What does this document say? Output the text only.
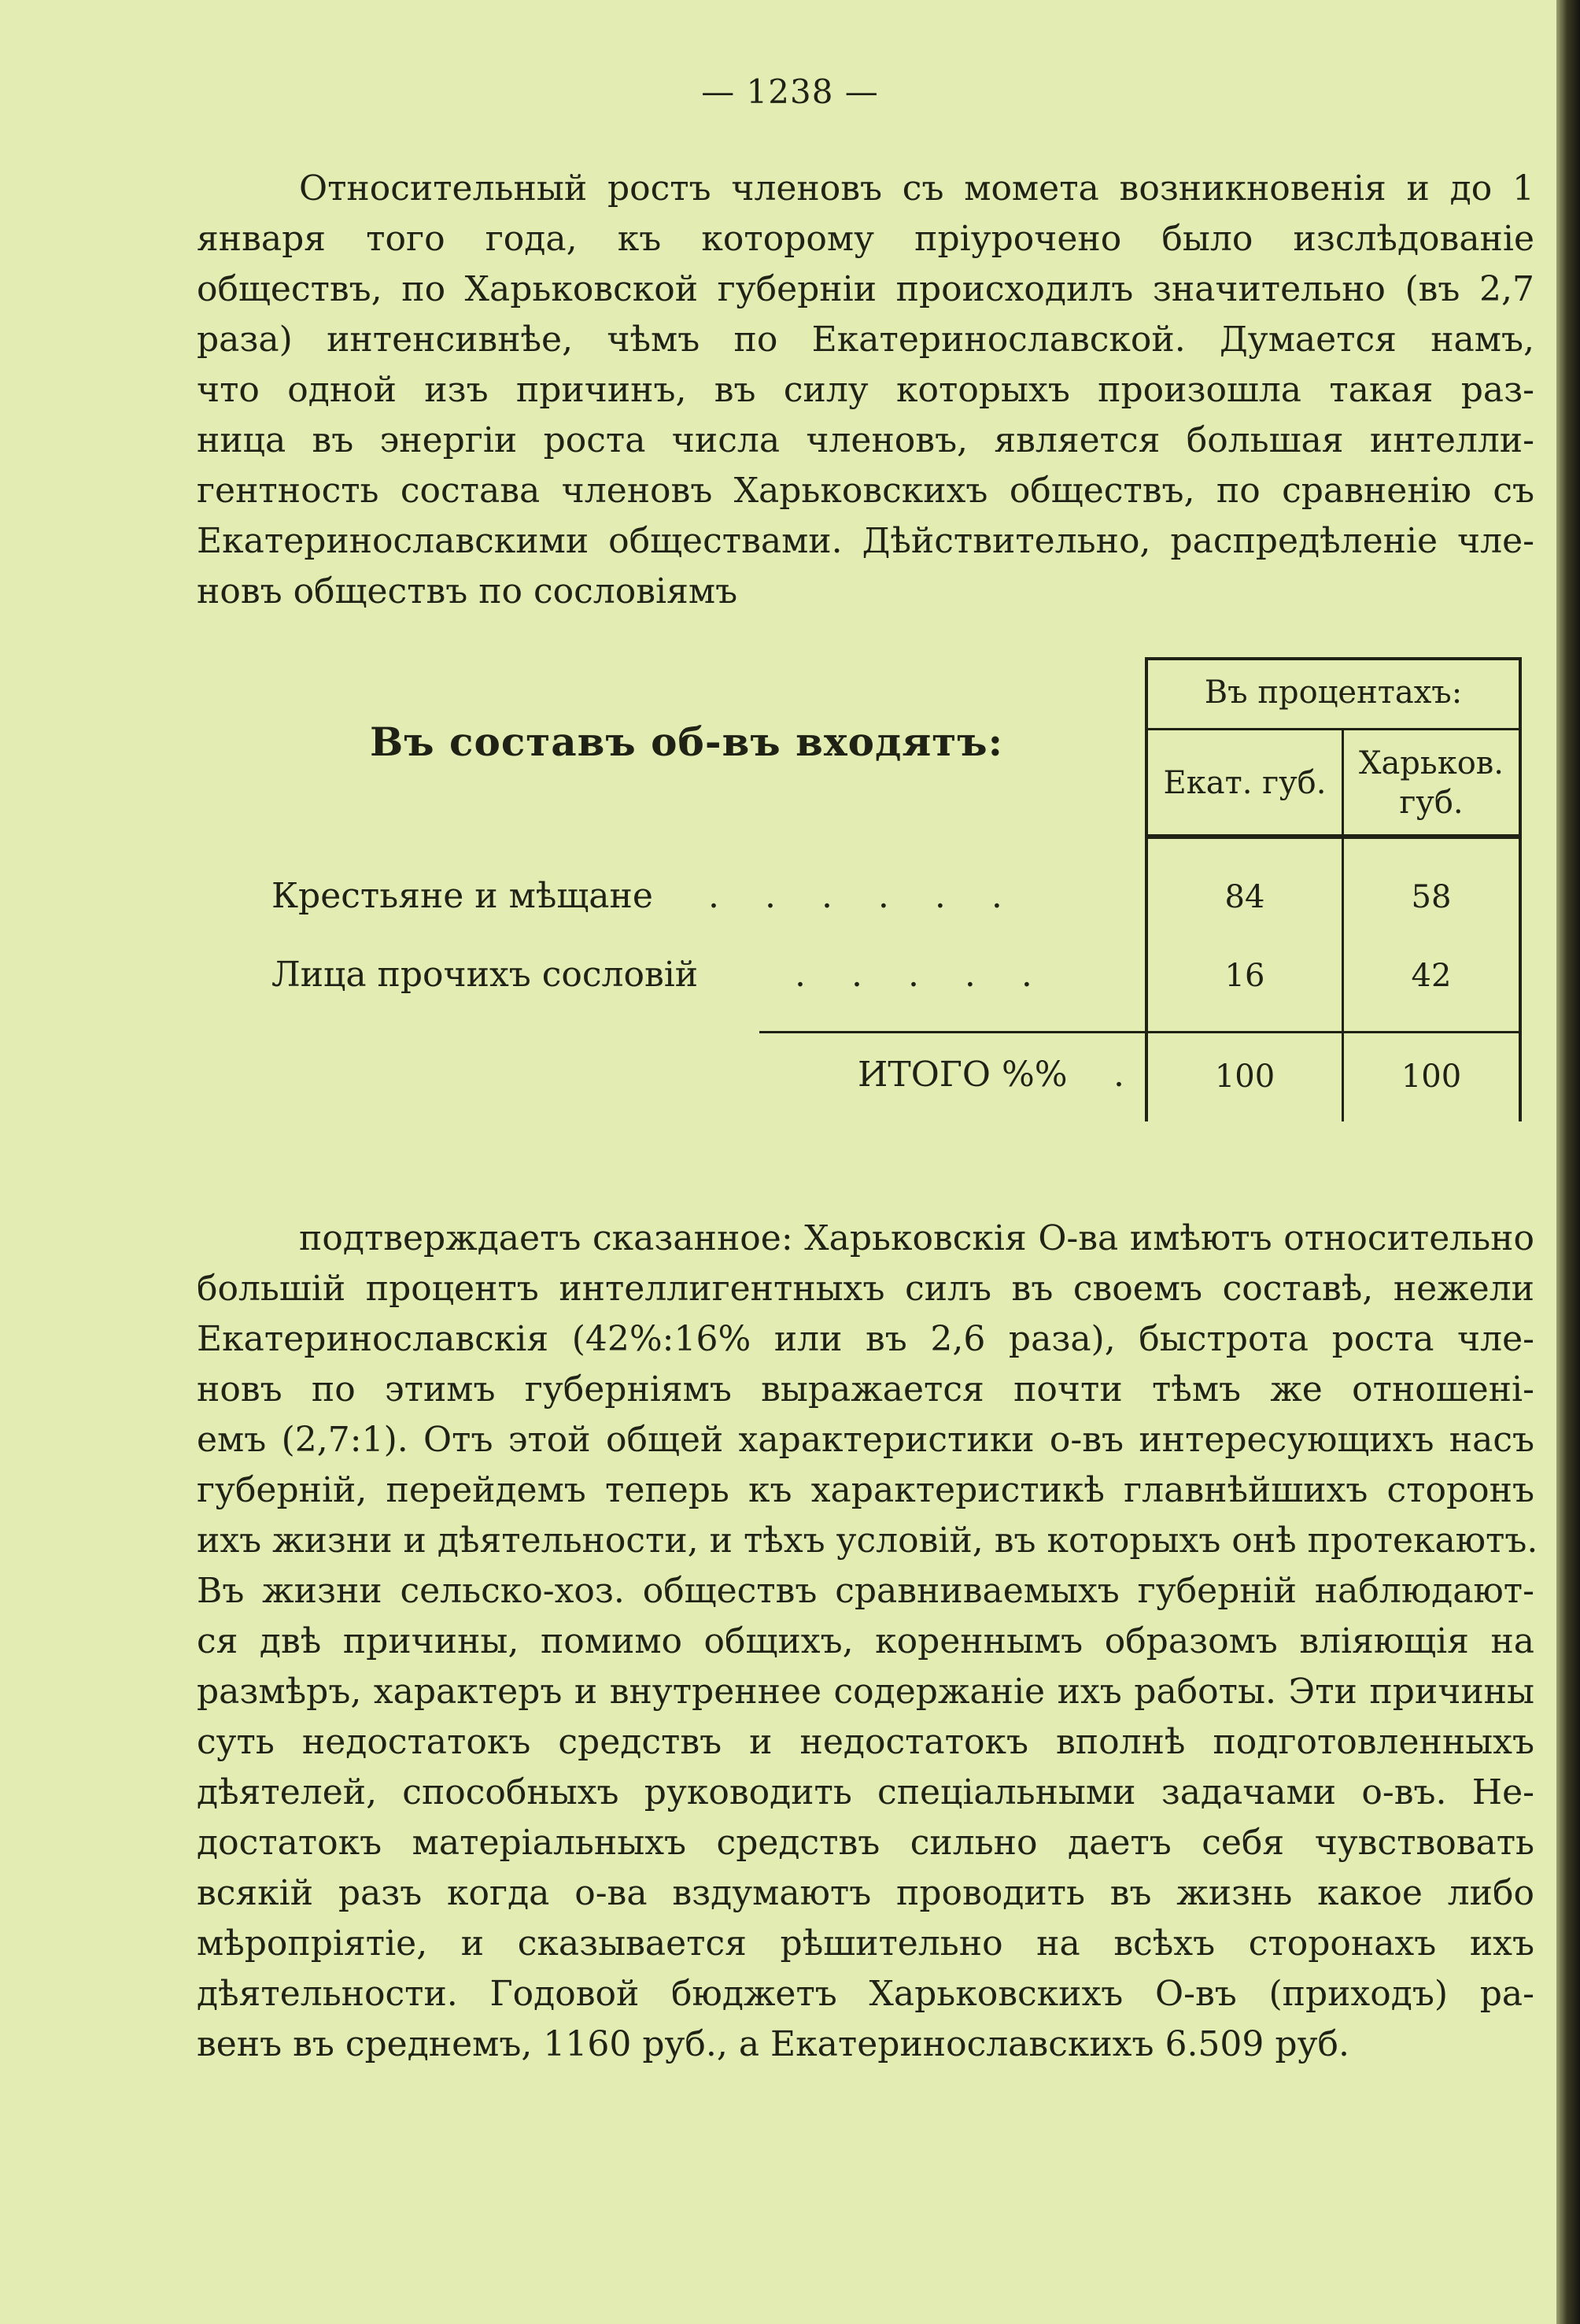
— 1238 —
Относительный ростъ членовъ съ момета возникновенія и до 1
января того года, къ которому пріурочено было изслѣдованіе
обществъ, по Харьковской губерніи происходилъ значительно (въ 2,7
раза) интенсивнѣе, чѣмъ по Екатеринославской. Думается намъ,
что одной изъ причинъ, въ силу которыхъ произошла такая раз-
ница въ энергіи роста числа членовъ, является большая интелли-
гентность состава членовъ Харьковскихъ обществъ, по сравненію съ
Екатеринославскими обществами. Дѣйствительно, распредѣленіе чле-
новъ обществъ по сословіямъ
Въ составъ об-въ входятъ:
Въ процентахъ:
Екат. губ.
Харьков.
губ.
Крестьяне и мѣщане . . . . . .	84	58
Лица прочихъ сословій	. . . . .	16	42
ИТОГО %% .	100	100
подтверждаетъ сказанное: Харьковскія О-ва имѣютъ относительно
большій процентъ интеллигентныхъ силъ въ своемъ составѣ, нежели
Екатеринославскія (42%:16% или въ 2,6 раза), быстрота роста чле-
новъ по этимъ губерніямъ выражается почти тѣмъ же отношені-
емъ (2,7:1). Отъ этой общей характеристики о-въ интересующихъ насъ
губерній, перейдемъ теперь къ характеристикѣ главнѣйшихъ сторонъ
ихъ жизни и дѣятельности, и тѣхъ условій, въ которыхъ онѣ протекаютъ.
Въ жизни сельско-хоз. обществъ сравниваемыхъ губерній наблюдают-
ся двѣ причины, помимо общихъ, кореннымъ образомъ вліяющія на
размѣръ, характеръ и внутреннее содержаніе ихъ работы. Эти причины
суть недостатокъ средствъ и недостатокъ вполнѣ подготовленныхъ
дѣятелей, способныхъ руководить спеціальными задачами о-въ. Не-
достатокъ матеріальныхъ средствъ сильно даетъ себя чувствовать
всякій разъ когда о-ва вздумаютъ проводить въ жизнь какое либо
мѣропріятіе, и сказывается рѣшительно на всѣхъ сторонахъ ихъ
дѣятельности. Годовой бюджетъ Харьковскихъ О-въ (приходъ) ра-
венъ въ среднемъ, 1160 руб., а Екатеринославскихъ 6.509 руб.
